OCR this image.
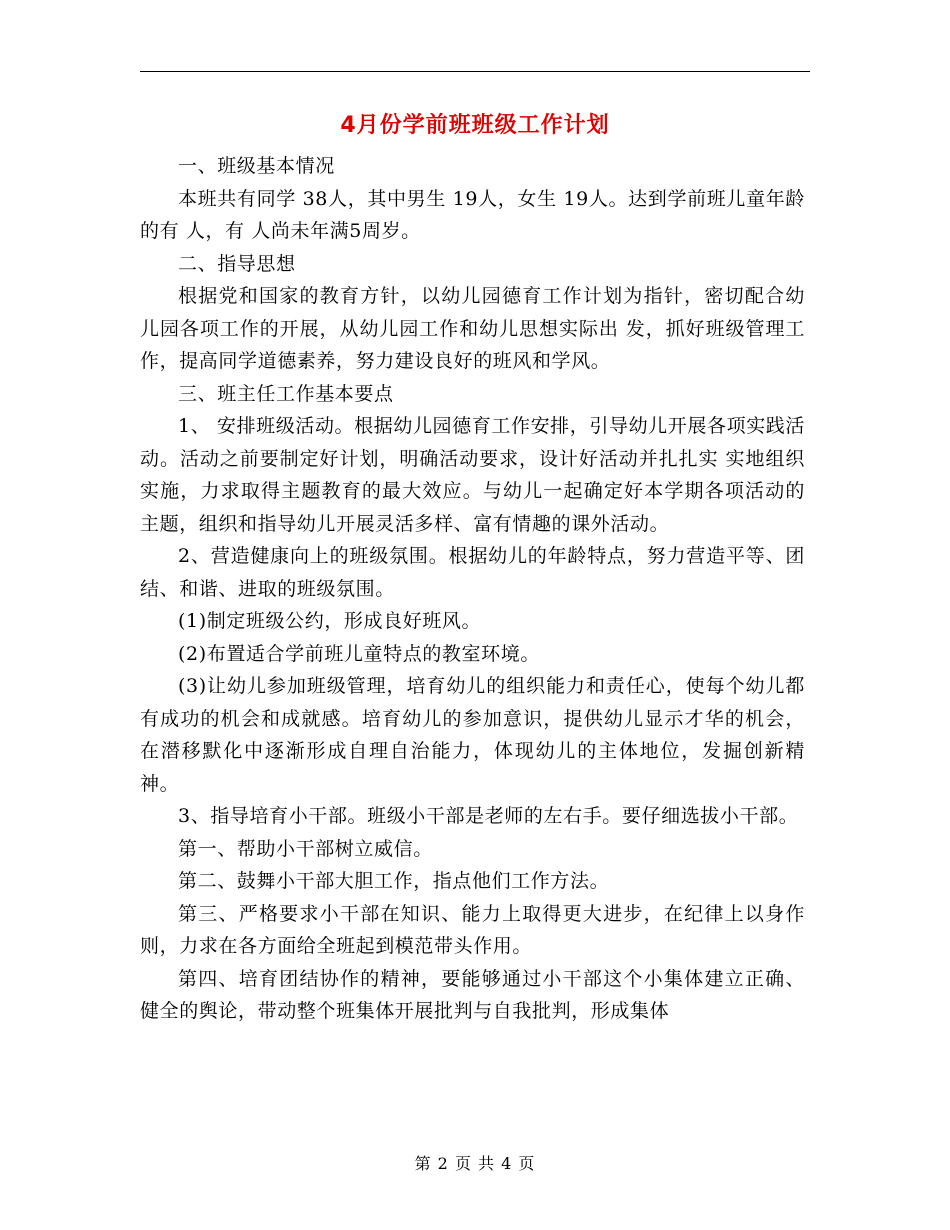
4月份学前班班级工作计划

一、班级基本情况

本班共有同学 38人，其中男生 19人，女生 19人。达到学前班儿童年龄的有 人，有 人尚未年满5周岁。

二、指导思想

根据党和国家的教育方针，以幼儿园德育工作计划为指针，密切配合幼儿园各项工作的开展，从幼儿园工作和幼儿思想实际出 发，抓好班级管理工作，提高同学道德素养，努力建设良好的班风和学风。

三、班主任工作基本要点

1、 安排班级活动。根据幼儿园德育工作安排，引导幼儿开展各项实践活动。活动之前要制定好计划，明确活动要求，设计好活动并扎扎实 实地组织实施，力求取得主题教育的最大效应。与幼儿一起确定好本学期各项活动的主题，组织和指导幼儿开展灵活多样、富有情趣的课外活动。

2、营造健康向上的班级氛围。根据幼儿的年龄特点，努力营造平等、团结、和谐、进取的班级氛围。

(1)制定班级公约，形成良好班风。

(2)布置适合学前班儿童特点的教室环境。

(3)让幼儿参加班级管理，培育幼儿的组织能力和责任心，使每个幼儿都有成功的机会和成就感。培育幼儿的参加意识，提供幼儿显示才华的机会，在潜移默化中逐渐形成自理自治能力，体现幼儿的主体地位，发掘创新精神。

3、指导培育小干部。班级小干部是老师的左右手。要仔细选拔小干部。

第一、帮助小干部树立威信。

第二、鼓舞小干部大胆工作，指点他们工作方法。

第三、严格要求小干部在知识、能力上取得更大进步，在纪律上以身作则，力求在各方面给全班起到模范带头作用。

第四、培育团结协作的精神，要能够通过小干部这个小集体建立正确、健全的舆论，带动整个班集体开展批判与自我批判，形成集体

第 2 页 共 4 页
